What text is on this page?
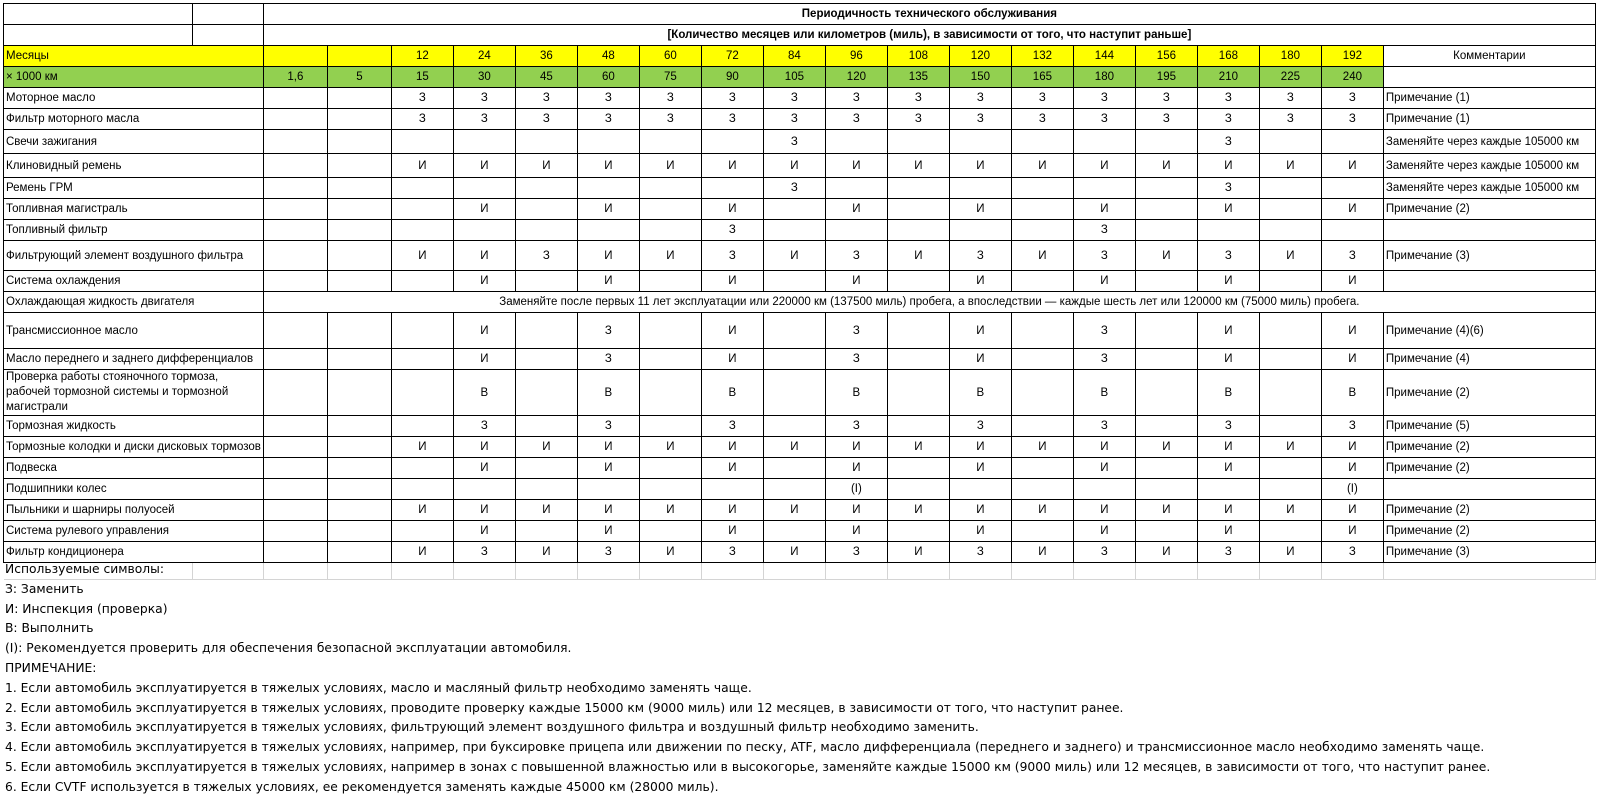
		Периодичность технического обслуживания																		
		[Количество месяцев или километров (миль), в зависимости от того, что наступит раньше]																		
Месяцы				12	24	36	48	60	72	84	96	108	120	132	144	156	168	180	192	Комментарии
× 1000 км		1,6	5	15	30	45	60	75	90	105	120	135	150	165	180	195	210	225	240	
Моторное масло				З	З	З	З	З	З	З	З	З	З	З	З	З	З	З	З	Примечание (1)
Фильтр моторного масла				З	З	З	З	З	З	З	З	З	З	З	З	З	З	З	З	Примечание (1)
Свечи зажигания										З							З			Заменяйте через каждые 105000 км
Клиновидный ремень				И	И	И	И	И	И	И	И	И	И	И	И	И	И	И	И	Заменяйте через каждые 105000 км
Ремень ГРМ										З							З			Заменяйте через каждые 105000 км
Топливная магистраль					И		И		И		И		И		И		И		И	Примечание (2)
Топливный фильтр									З						З					
Фильтрующий элемент воздушного фильтра				И	И	З	И	И	З	И	З	И	З	И	З	И	З	И	З	Примечание (3)
Система охлаждения					И		И		И		И		И		И		И		И	
Охлаждающая жидкость двигателя		Заменяйте после первых 11 лет эксплуатации или 220000 км (137500 миль) пробега, а впоследствии — каждые шесть лет или 120000 км (75000 миль) пробега.																		
Трансмиссионное масло					И		З		И		З		И		З		И		И	Примечание (4)(6)
Масло переднего и заднего дифференциалов					И		З		И		З		И		З		И		И	Примечание (4)
Проверка работы стояночного тормоза, рабочей тормозной системы и тормозной магистрали					В		В		В		В		В		В		В		В	Примечание (2)
Тормозная жидкость					З		З		З		З		З		З		З		З	Примечание (5)
Тормозные колодки и диски дисковых тормозов				И	И	И	И	И	И	И	И	И	И	И	И	И	И	И	И	Примечание (2)
Подвеска					И		И		И		И		И		И		И		И	Примечание (2)
Подшипники колес											(I)								(I)	
Пыльники и шарниры полуосей				И	И	И	И	И	И	И	И	И	И	И	И	И	И	И	И	Примечание (2)
Система рулевого управления					И		И		И		И		И		И		И		И	Примечание (2)
Фильтр кондиционера				И	З	И	З	И	З	И	З	И	З	И	З	И	З	И	З	Примечание (3)

Используемые символы:
З: Заменить
И: Инспекция (проверка)
В: Выполнить
(I): Рекомендуется проверить для обеспечения безопасной эксплуатации автомобиля.
ПРИМЕЧАНИЕ:
1. Если автомобиль эксплуатируется в тяжелых условиях, масло и масляный фильтр необходимо заменять чаще.
2. Если автомобиль эксплуатируется в тяжелых условиях, проводите проверку каждые 15000 км (9000 миль) или 12 месяцев, в зависимости от того, что наступит ранее.
3. Если автомобиль эксплуатируется в тяжелых условиях, фильтрующий элемент воздушного фильтра и воздушный фильтр необходимо заменить.
4. Если автомобиль эксплуатируется в тяжелых условиях, например, при буксировке прицепа или движении по песку, ATF, масло дифференциала (переднего и заднего) и трансмиссионное масло необходимо заменять чаще.
5. Если автомобиль эксплуатируется в тяжелых условиях, например в зонах с повышенной влажностью или в высокогорье, заменяйте каждые 15000 км (9000 миль) или 12 месяцев, в зависимости от того, что наступит ранее.
6. Если CVTF используется в тяжелых условиях, ее рекомендуется заменять каждые 45000 км (28000 миль).
